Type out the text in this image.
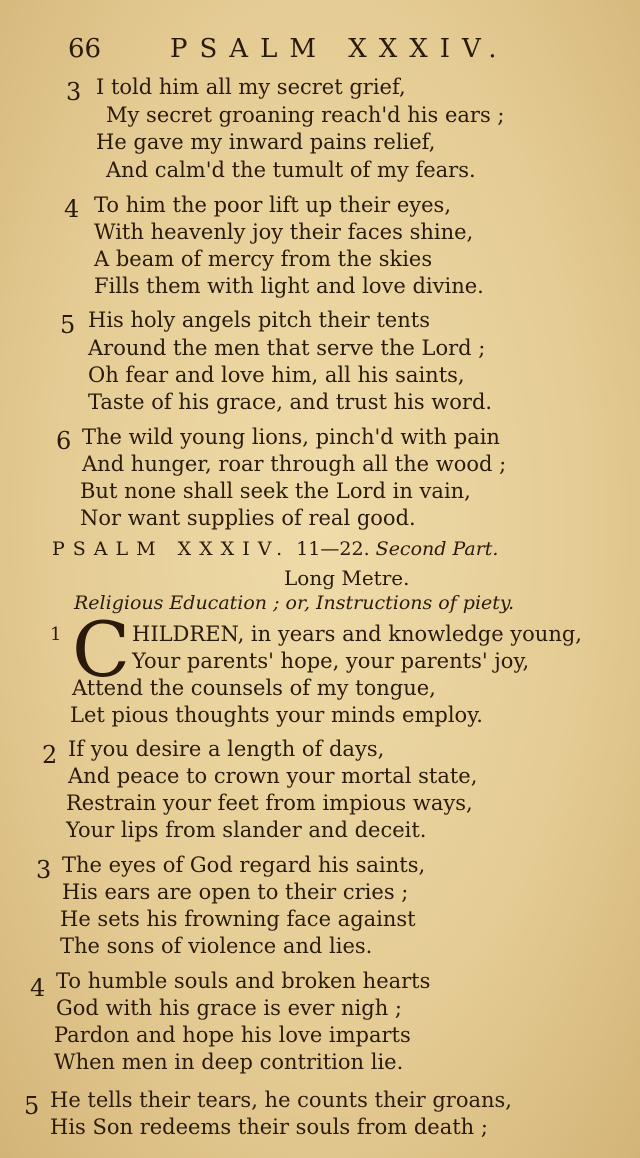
66	PSALM XXXIV.
3 I told him all my secret grief,
My secret groaning reach'd his ears ;
He gave my inward pains relief,
And calm'd the tumult of my fears.
4 To him the poor lift up their eyes,
With heavenly joy their faces shine,
A beam of mercy from the skies
Fills them with light and love divine.
5 His holy angels pitch their tents
Around the men that serve the Lord ;
Oh fear and love him, all his saints,
Taste of his grace, and trust his word.
6 The wild young lions, pinch'd with pain
And hunger, roar through all the wood ;
But none shall seek the Lord in vain,
Nor want supplies of real good.
PSALM XXXIV. 11—22. Second Part.
Long Metre.
Religious Education ; or, Instructions of piety.
1 C HILDREN, in years and knowledge young,
Your parents' hope, your parents' joy,
Attend the counsels of my tongue,
Let pious thoughts your minds employ.
2 If you desire a length of days,
And peace to crown your mortal state,
Restrain your feet from impious ways,
Your lips from slander and deceit.
3 The eyes of God regard his saints,
His ears are open to their cries ;
He sets his frowning face against
The sons of violence and lies.
4 To humble souls and broken hearts
God with his grace is ever nigh ;
Pardon and hope his love imparts
When men in deep contrition lie.
5 He tells their tears, he counts their groans,
His Son redeems their souls from death ;
